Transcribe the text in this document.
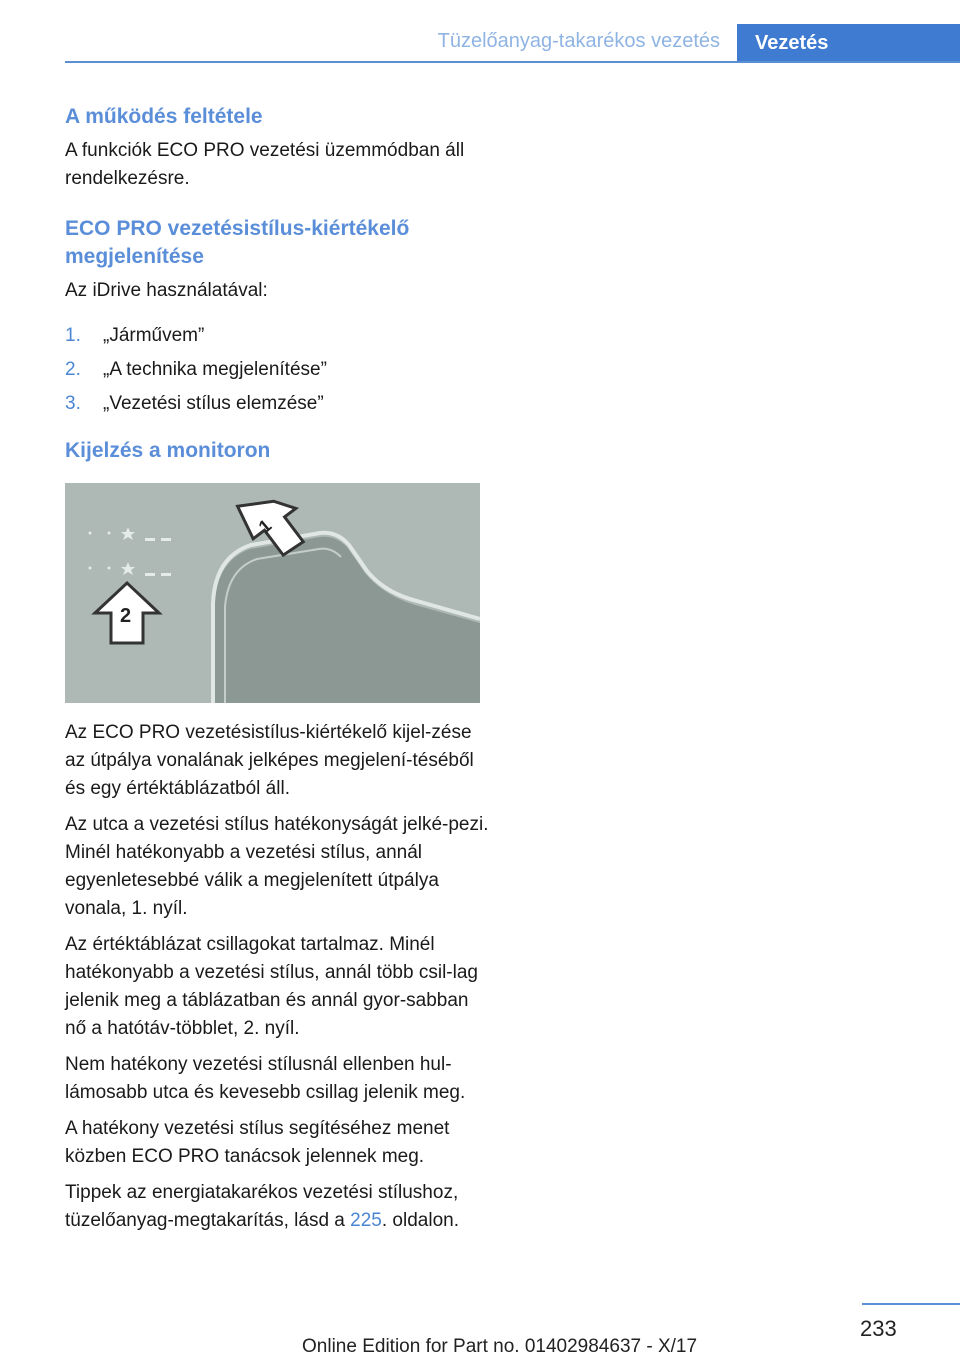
Tüzelőanyag-takarékos vezetés	Vezetés
A működés feltétele

A funkciók ECO PRO vezetési üzemmódban áll rendelkezésre.

ECO PRO vezetésistílus-kiértékelő megjelenítése

Az iDrive használatával:

1. „Járművem”
2. „A technika megjelenítése”
3. „Vezetési stílus elemzése”
Kijelzés a monitoron
1
2

Az ECO PRO vezetésistílus-kiértékelő kijel-zése az útpálya vonalának jelképes megjelení-téséből és egy értéktáblázatból áll.

Az utca a vezetési stílus hatékonyságát jelké-pezi. Minél hatékonyabb a vezetési stílus, annál egyenletesebbé válik a megjelenített útpálya vonala, 1. nyíl.

Az értéktáblázat csillagokat tartalmaz. Minél hatékonyabb a vezetési stílus, annál több csil-lag jelenik meg a táblázatban és annál gyor-sabban nő a hatótáv-többlet, 2. nyíl.

Nem hatékony vezetési stílusnál ellenben hul-lámosabb utca és kevesebb csillag jelenik meg.

A hatékony vezetési stílus segítéséhez menet közben ECO PRO tanácsok jelennek meg.

Tippek az energiatakarékos vezetési stílushoz, tüzelőanyag-megtakarítás, lásd a 225. oldalon.

233
Online Edition for Part no. 01402984637 - X/17
